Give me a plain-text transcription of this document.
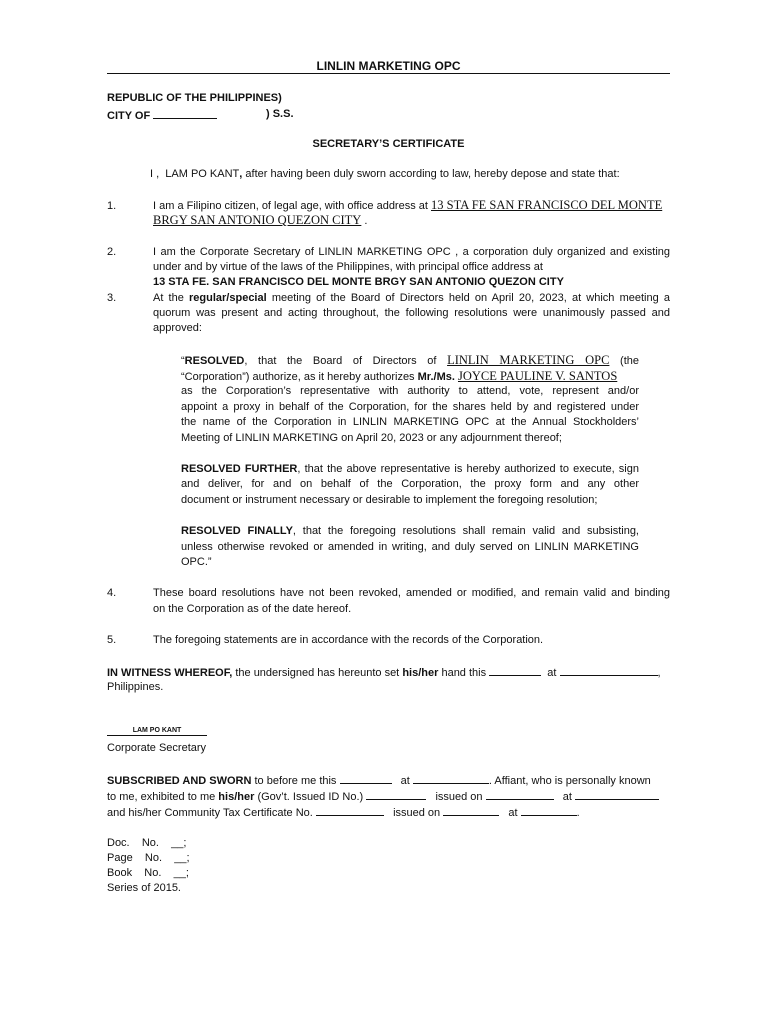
LINLIN MARKETING OPC
REPUBLIC OF THE PHILIPPINES)
CITY OF	) S.S.
SECRETARY’S CERTIFICATE
I , LAM PO KANT, after having been duly sworn according to law, hereby depose and state that:
1.	I am a Filipino citizen, of legal age, with office address at 13 STA FE SAN FRANCISCO DEL MONTE
BRGY SAN ANTONIO QUEZON CITY .
2.	I am the Corporate Secretary of LINLIN MARKETING OPC , a corporation duly organized and existing
under and by virtue of the laws of the Philippines, with principal office address at
13 STA FE. SAN FRANCISCO DEL MONTE BRGY SAN ANTONIO QUEZON CITY
3.	At the regular/special meeting of the Board of Directors held on April 20, 2023, at which meeting a
quorum was present and acting throughout, the following resolutions were unanimously passed and
approved:
“RESOLVED, that the Board of Directors of LINLIN MARKETING OPC (the
“Corporation”) authorize, as it hereby authorizes Mr./Ms. JOYCE PAULINE V. SANTOS
as the Corporation’s representative with authority to attend, vote, represent and/or
appoint a proxy in behalf of the Corporation, for the shares held by and registered under
the name of the Corporation in LINLIN MARKETING OPC at the Annual Stockholders’
Meeting of LINLIN MARKETING on April 20, 2023 or any adjournment thereof;
RESOLVED FURTHER, that the above representative is hereby authorized to execute, sign
and deliver, for and on behalf of the Corporation, the proxy form and any other
document or instrument necessary or desirable to implement the foregoing resolution;
RESOLVED FINALLY, that the foregoing resolutions shall remain valid and subsisting,
unless otherwise revoked or amended in writing, and duly served on LINLIN MARKETING
OPC.”
4.	These board resolutions have not been revoked, amended or modified, and remain valid and binding
on the Corporation as of the date hereof.
5.	The foregoing statements are in accordance with the records of the Corporation.
IN WITNESS WHEREOF, the undersigned has hereunto set his/her hand this	at	,
Philippines.
LAM PO KANT
Corporate Secretary
SUBSCRIBED AND SWORN to before me this	at	. Affiant, who is personally known
to me, exhibited to me his/her (Gov’t. Issued ID No.)	issued on	at
and his/her Community Tax Certificate No.	issued on	at	.
Doc.    No.    __;
Page    No.    __;
Book    No.    __;
Series of 2015.
